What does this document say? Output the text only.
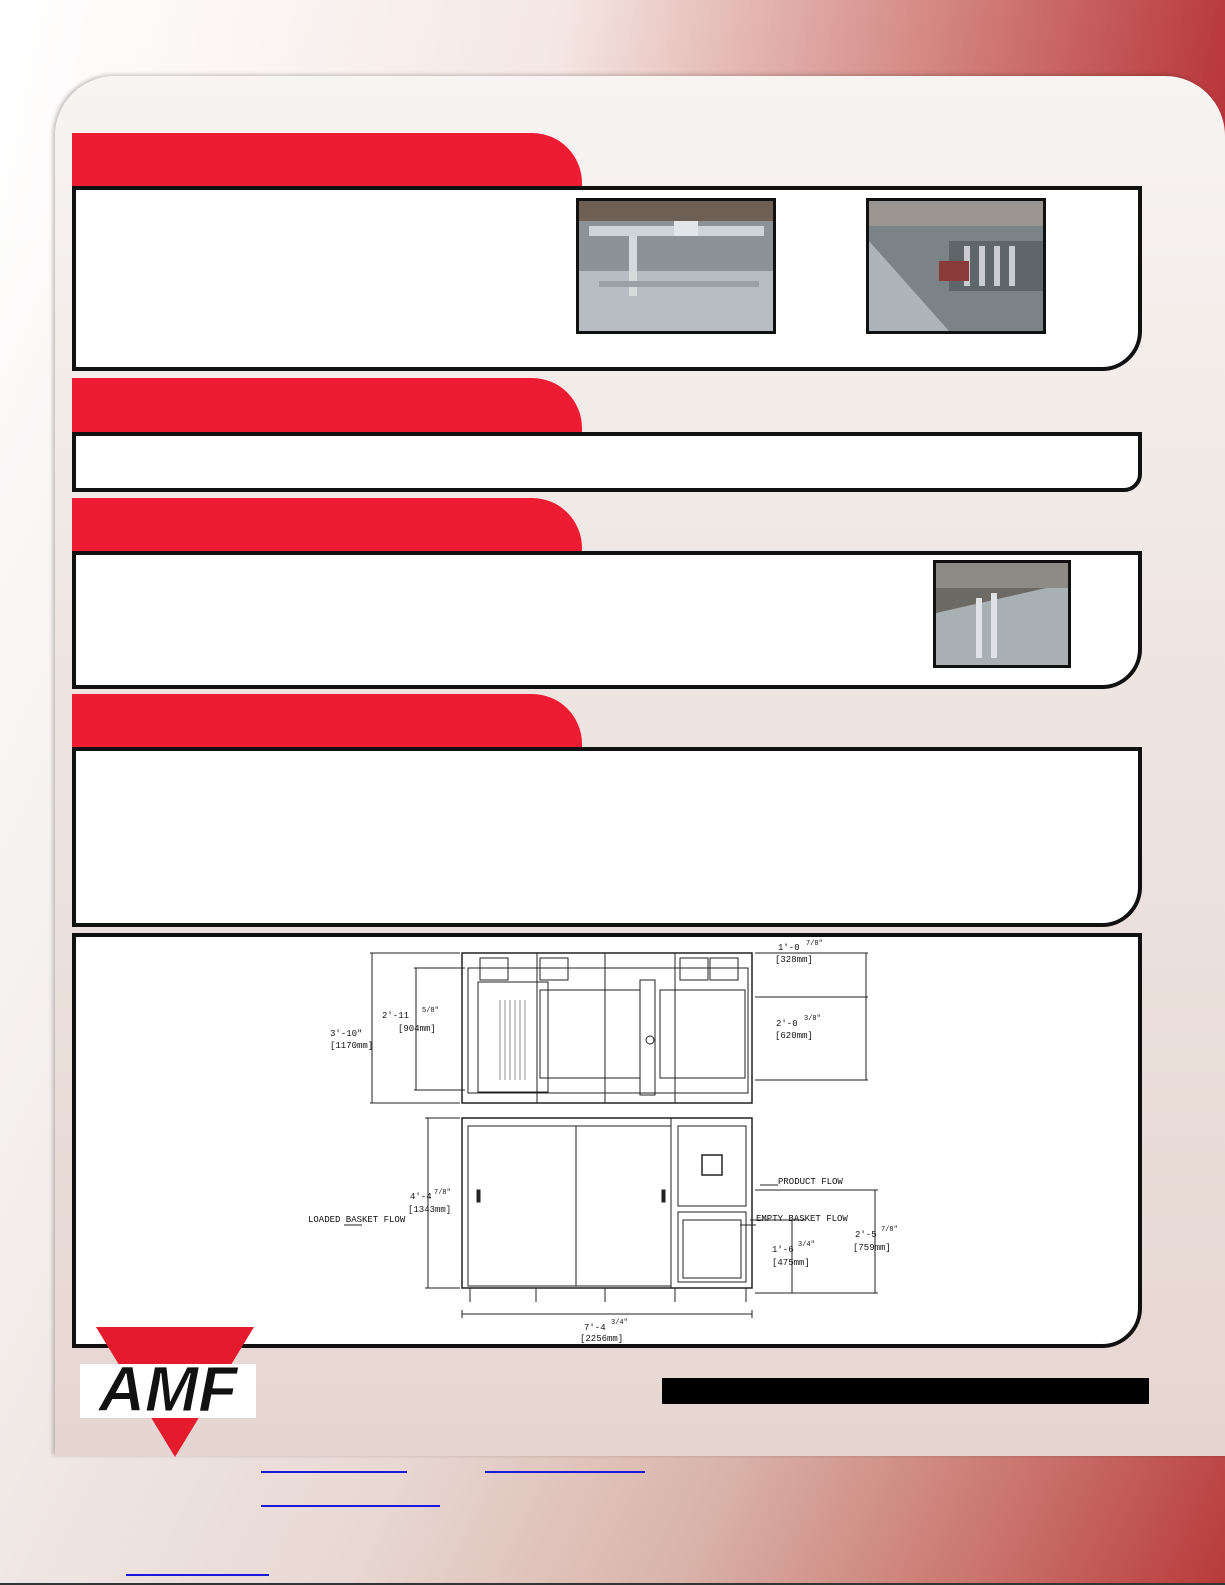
3'-10"
[1170mm]
2'-11 5/8"
[904mm]
1'-0 7/8"
[328mm]
2'-0 3/8"
[620mm]
4'-4 7/8"
[1343mm]
PRODUCT FLOW
EMPTY BASKET FLOW
LOADED BASKET FLOW
1'-6 3/4"
[475mm]
2'-5 7/8"
[759mm]
7'-4 3/4"
[2256mm]
AMF
